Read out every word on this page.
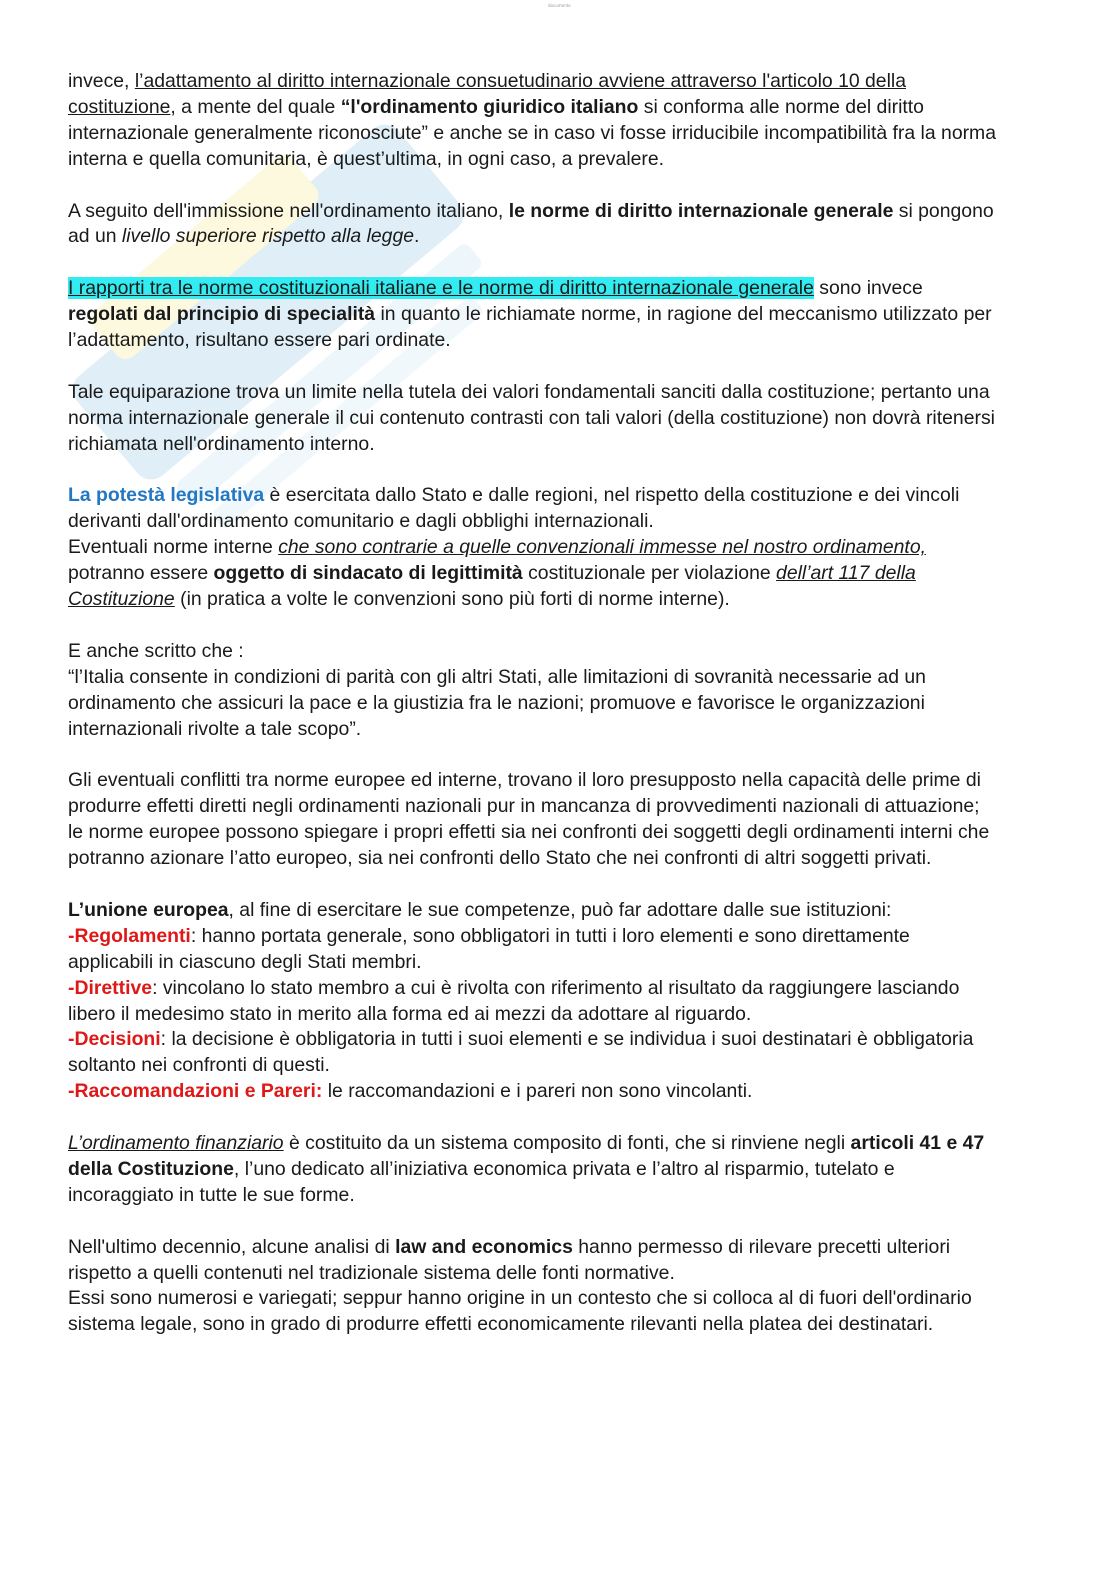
documento

invece, l’adattamento al diritto internazionale consuetudinario avviene attraverso l'articolo 10 della costituzione, a mente del quale “l'ordinamento giuridico italiano si conforma alle norme del diritto internazionale generalmente riconosciute” e anche se in caso vi fosse irriducibile incompatibilità fra la norma interna e quella comunitaria, è quest’ultima, in ogni caso, a prevalere.

A seguito dell'immissione nell'ordinamento italiano, le norme di diritto internazionale generale si pongono ad un livello superiore rispetto alla legge.

I rapporti tra le norme costituzionali italiane e le norme di diritto internazionale generale sono invece regolati dal principio di specialità in quanto le richiamate norme, in ragione del meccanismo utilizzato per l’adattamento, risultano essere pari ordinate.

Tale equiparazione trova un limite nella tutela dei valori fondamentali sanciti dalla costituzione; pertanto una norma internazionale generale il cui contenuto contrasti con tali valori (della costituzione) non dovrà ritenersi richiamata nell'ordinamento interno.

La potestà legislativa è esercitata dallo Stato e dalle regioni, nel rispetto della costituzione e dei vincoli derivanti dall'ordinamento comunitario e dagli obblighi internazionali.
Eventuali norme interne che sono contrarie a quelle convenzionali immesse nel nostro ordinamento, potranno essere oggetto di sindacato di legittimità costituzionale per violazione dell’art 117 della Costituzione (in pratica a volte le convenzioni sono più forti di norme interne).

E anche scritto che :
“l’Italia consente in condizioni di parità con gli altri Stati, alle limitazioni di sovranità necessarie ad un ordinamento che assicuri la pace e la giustizia fra le nazioni; promuove e favorisce le organizzazioni internazionali rivolte a tale scopo”.

Gli eventuali conflitti tra norme europee ed interne, trovano il loro presupposto nella capacità delle prime di produrre effetti diretti negli ordinamenti nazionali pur in mancanza di provvedimenti nazionali di attuazione; le norme europee possono spiegare i propri effetti sia nei confronti dei soggetti degli ordinamenti interni che potranno azionare l’atto europeo, sia nei confronti dello Stato che nei confronti di altri soggetti privati.

L’unione europea, al fine di esercitare le sue competenze, può far adottare dalle sue istituzioni:
-Regolamenti: hanno portata generale, sono obbligatori in tutti i loro elementi e sono direttamente applicabili in ciascuno degli Stati membri.
-Direttive: vincolano lo stato membro a cui è rivolta con riferimento al risultato da raggiungere lasciando libero il medesimo stato in merito alla forma ed ai mezzi da adottare al riguardo.
-Decisioni: la decisione è obbligatoria in tutti i suoi elementi e se individua i suoi destinatari è obbligatoria soltanto nei confronti di questi.
-Raccomandazioni e Pareri: le raccomandazioni e i pareri non sono vincolanti.

L’ordinamento finanziario è costituito da un sistema composito di fonti, che si rinviene negli articoli 41 e 47 della Costituzione, l’uno dedicato all’iniziativa economica privata e l’altro al risparmio, tutelato e incoraggiato in tutte le sue forme.

Nell'ultimo decennio, alcune analisi di law and economics hanno permesso di rilevare precetti ulteriori rispetto a quelli contenuti nel tradizionale sistema delle fonti normative.
Essi sono numerosi e variegati; seppur hanno origine in un contesto che si colloca al di fuori dell'ordinario sistema legale, sono in grado di produrre effetti economicamente rilevanti nella platea dei destinatari.
